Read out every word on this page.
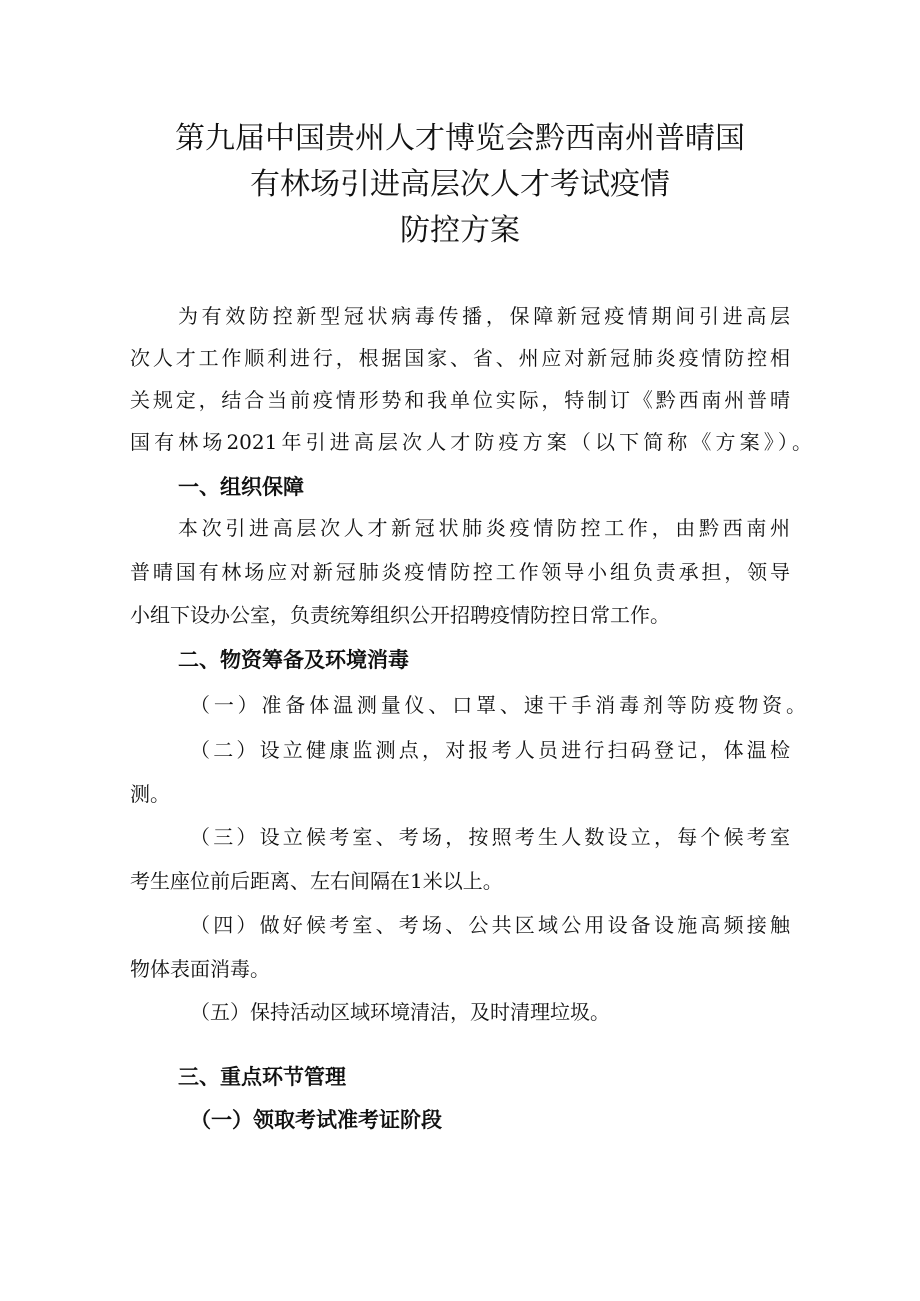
第九届中国贵州人才博览会黔西南州普晴国
有林场引进高层次人才考试疫情
防控方案
为有效防控新型冠状病毒传播，保障新冠疫情期间引进高层
次人才工作顺利进行，根据国家、省、州应对新冠肺炎疫情防控相
关规定，结合当前疫情形势和我单位实际，特制订《黔西南州普晴
国有林场2021年引进高层次人才防疫方案（以下简称《方案》）。
一、组织保障
本次引进高层次人才新冠状肺炎疫情防控工作，由黔西南州
普晴国有林场应对新冠肺炎疫情防控工作领导小组负责承担，领导
小组下设办公室，负责统筹组织公开招聘疫情防控日常工作。
二、物资筹备及环境消毒
（一）准备体温测量仪、口罩、速干手消毒剂等防疫物资。
（二）设立健康监测点，对报考人员进行扫码登记，体温检
测。
（三）设立候考室、考场，按照考生人数设立，每个候考室
考生座位前后距离、左右间隔在1米以上。
（四）做好候考室、考场、公共区域公用设备设施高频接触
物体表面消毒。
（五）保持活动区域环境清洁，及时清理垃圾。
三、重点环节管理
（一）领取考试准考证阶段
